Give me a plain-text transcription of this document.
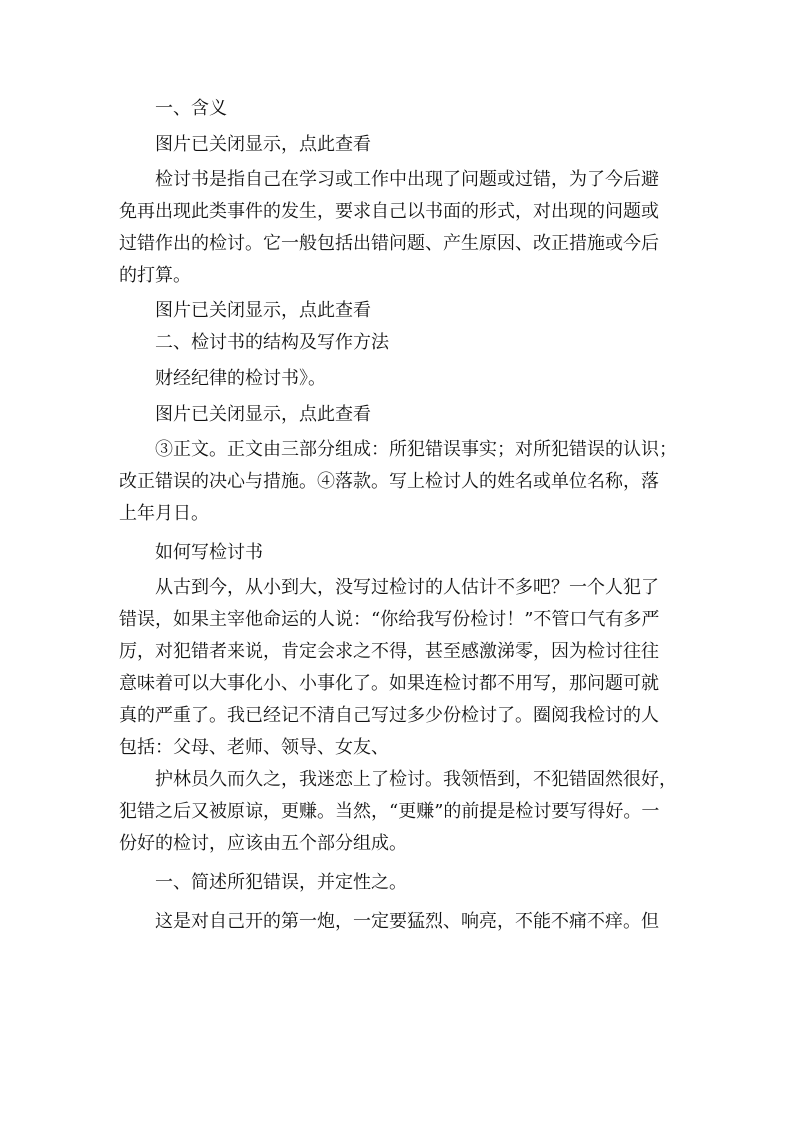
一、含义

图片已关闭显示，点此查看

检讨书是指自己在学习或工作中出现了问题或过错，为了今后避
免再出现此类事件的发生，要求自己以书面的形式，对出现的问题或
过错作出的检讨。它一般包括出错问题、产生原因、改正措施或今后
的打算。

图片已关闭显示，点此查看

二、检讨书的结构及写作方法

财经纪律的检讨书》。

图片已关闭显示，点此查看

③正文。正文由三部分组成：所犯错误事实；对所犯错误的认识；
改正错误的决心与措施。④落款。写上检讨人的姓名或单位名称，落
上年月日。

如何写检讨书

从古到今，从小到大，没写过检讨的人估计不多吧？一个人犯了
错误，如果主宰他命运的人说：“你给我写份检讨！”不管口气有多严
厉，对犯错者来说，肯定会求之不得，甚至感激涕零，因为检讨往往
意味着可以大事化小、小事化了。如果连检讨都不用写，那问题可就
真的严重了。我已经记不清自己写过多少份检讨了。圈阅我检讨的人
包括：父母、老师、领导、女友、
护林员久而久之，我迷恋上了检讨。我领悟到，不犯错固然很好，
犯错之后又被原谅，更赚。当然，“更赚”的前提是检讨要写得好。一
份好的检讨，应该由五个部分组成。

一、简述所犯错误，并定性之。

这是对自己开的第一炮，一定要猛烈、响亮，不能不痛不痒。但
